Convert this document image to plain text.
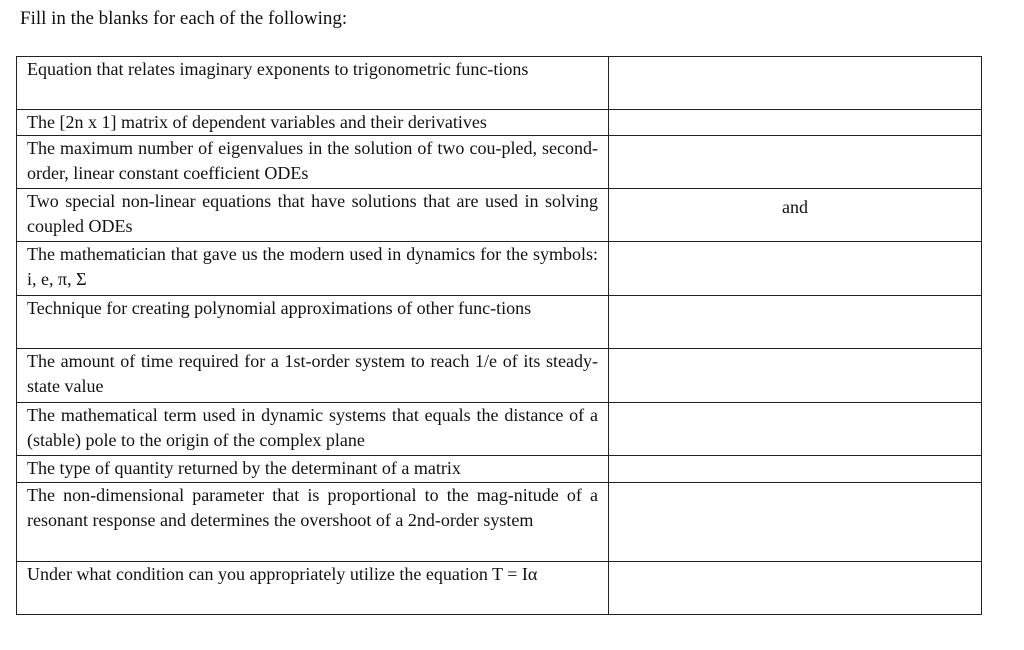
Fill in the blanks for each of the following:

Equation that relates imaginary exponents to trigonometric func-tions	
The [2n x 1] matrix of dependent variables and their derivatives	
The maximum number of eigenvalues in the solution of two cou-pled, second-order, linear constant coefficient ODEs	
Two special non-linear equations that have solutions that are used in solving coupled ODEs	and
The mathematician that gave us the modern used in dynamics for the symbols: i, e, π, Σ	
Technique for creating polynomial approximations of other func-tions	
The amount of time required for a 1st-order system to reach 1/e of its steady-state value	
The mathematical term used in dynamic systems that equals the distance of a (stable) pole to the origin of the complex plane	
The type of quantity returned by the determinant of a matrix	
The non-dimensional parameter that is proportional to the mag-nitude of a resonant response and determines the overshoot of a 2nd-order system	
Under what condition can you appropriately utilize the equation T = Iα	
